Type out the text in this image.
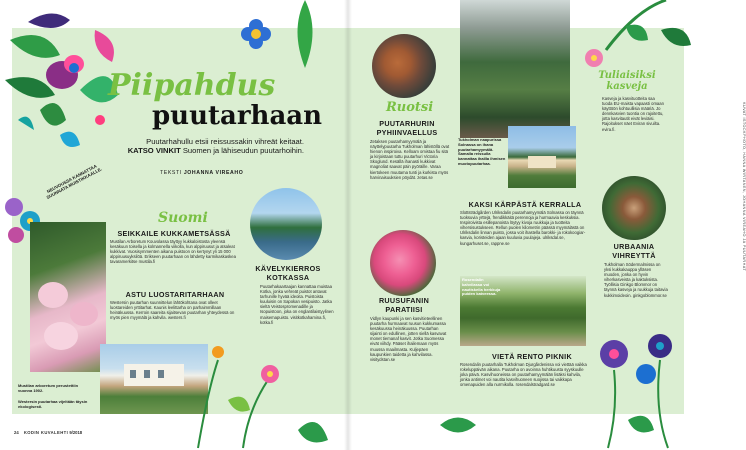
Piipahdus
puutarhaan
Puutarhahullu etsii reissussakin vihreät keitaat.
KATSO VINKIT Suomen ja lähiseudun puutarhoihin.
TEKSTI JOHANNA VIREAHO
NEUVOUSSA KANNATTAA SUUNNATA MUISTIKKAALLE.
Suomi
SEIKKAILE KUKKAMETSÄSSÄ
Mustilan Arboretum Kouvolassa täyttyy kukkaloistosta yleensä kesäkuun toisella ja kolmannella viikolla, kun alppiruusut ja atsaleat kukkivat. Vuosisymmenten aikana puistoon on kertynyt yli 15 000 alppiruusuyksilöä. Erikseen puutarhaan on lähdetty karmikaskaskea tavaramerkitse mustila.fi
ASTU LUOSTARITARHAAN
Westersin puutarhan suunnittelun lähtökohtana ovat olleet luostareiden yrttitarhat. Kaunis leelittarha on parhaimmillaan heinäkuussa. Kerroin saareita sijaitsevan puutarhan yhteydessä on myös pien myymälä ja kahvila. westers.fi
KÄVELYKIERROS KOTKASSA
Puutarhakaartaajan kannattaa muistaa Kotka, jonka vehreät puistot antavat tarhunille hyvää ideoita. Puistoista kuuluisin on Sapokan vesipuisto. Jatka sieltä Veistospromenadille ja Isopuistoon, joka on englantilaistyylinen maisemapuisto. visitkotkahamina.fi, kotka.fi
Mustilan arboretum perustettiin vuonna 1902.
Westersin puutarhaa vijeltään täysin ekologisesti.
24 KODIN KUVALEHTI 9/2018
Tukholman naapurissa Solnassa on ihana puutarhamyymälä. Samalla reissulla kannattaa ihailla ihmisen muotopuutarhaa.
Tuliaisiksi kasveja
Kasveja ja kasvituotteita saa tuoda EU-maista vapaasti omaan käyttöön kohtuullisia määriä. Jo dennkasvien tuontia on rajoitettu, jotta kasvitautit eivät leviäisi. Rajoitukset näet Eviran sivuilta. evira.fi.
Ruotsi
PUUTARHURIN PYHIINVAELLUS
Zetaksen puutarhamyymälä ja näyttelypuutarha Tukholman lähistöllä ovat hienon inspiroiva. Kelloam omistaa fiu sitä ja kirjoistaan tuttu puutarhuri Victoria Skoglund. Kesällä ihanasti kukkivat magnoliat saavat päin pyöräille. Varaa kiertokeen muutama tunti ja kurkista myös harvinaisuuksien pöydät. zetas.se
RUUSUFANIN PARATIISI
Vidlyn kaupunki ja sen kasvitieteellinen puutarha hurmaavat ruusun kukkumassa kesäkuussa heinäkuussa. Puutarhan sijainti on edullinen, jotten siellä kasvavat monet tiemanaf kasvit. Jotka Suomessa eivät viihdy. Pääset ihailemaan myös muussa maailmasta. Kuljepäen kaupunkien taidetta ja kahvilassa. visitydstan.se
KAKSI KÄRPÄSTÄ KERRALLA
Slottsträdgården Ulriksdalin puutarhamyymälä Solnassa on täynnä tuoksuvia yrttejä, frendikkäitä perennoja ja hurmaavia keskuksia. Inspiroivista esillepanoista löytyy kivoja ruukkuja ja tuotteita vihersisustukseen. Rellun puolen kilometrin päässä myymälästä on Ulriksdalin linnan puisto, jossa voit ihastella barokki- ja rokokoogiar- kasvia, koristeiden ajaan kuuluvia puulajeja. ulriksdal.se, kungarhuset.se, rappne.se
Rosendalin kahvilassa voi nautiskella herkkuja puiden katveessa.
VIETÄ RENTO PIKNIK
Rosendalin puutarhalla Tukholman Djurgårdenissa voi viettää vaikka rokeluppäivän aikana. Puutarha on avoinna huhtikuusta syyskuulle joka päivä. Kasvihuoneissa on puutarhamyymälän lisäksi kahvila, jonka antimet voi nautita kasvihuoneen suojissa tai vaikkapa omenapuiden alla nurmikolla. rosendalstradgard.se
URBAANIA VIHREYTTÄ
Tukholman Södermalmissa on yksi kukkakauppa ylläsen muoden, jonka on hyvin viherkasveista ja kaktuksista. Työllisia Ginkgo Blommor on täynnä kasveja ja ruukkuja taitavia kukkimoideoin. ginkgoblommor.se
KUVAT ISTOCKPHOTO, HANNA WIRTANEN, JOHANNA VIREAHO JA PUUTARHAT
